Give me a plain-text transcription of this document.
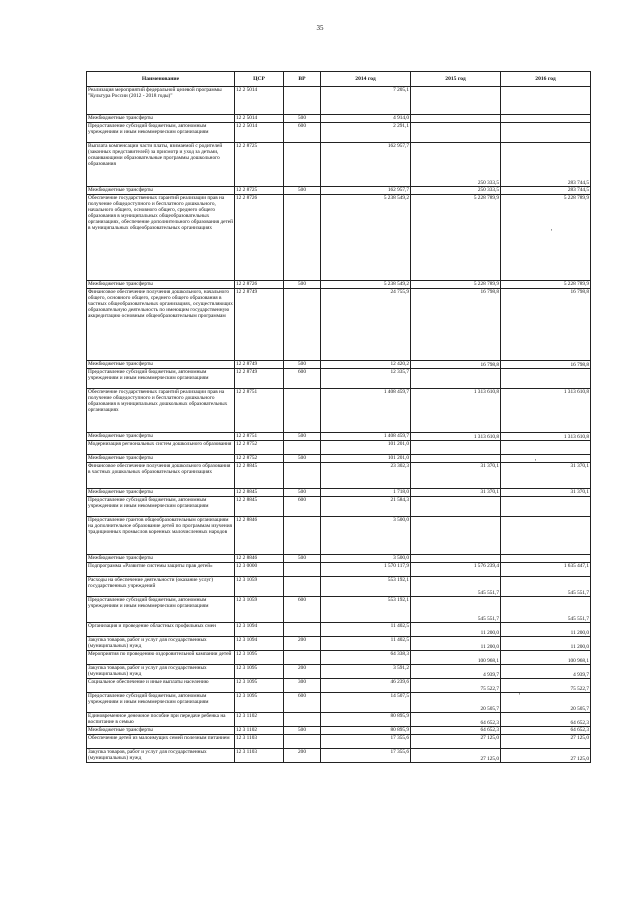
35
Наименование	ЦСР	ВР	2014 год	2015 год	2016 год
Реализация мероприятий федеральной целевой программы "Культура России (2012 - 2018 годы)"	12 2 5014		7 205,1		
Межбюджетные трансферты	12 2 5014	500	4 914,0		
Предоставление субсидий бюджетным, автономным учреждениям и иным некоммерческим организациям	12 2 5014	600	2 291,1		
Выплата компенсации части платы, взимаемой с родителей (законных представителей) за присмотр и уход за детьми, осваивающими образовательные программы дошкольного образования	12 2 8725		162 957,7	250 333,5	283 744,5
Межбюджетные трансферты	12 2 8725	500	162 957,7	250 333,5	283 744,5
Обеспечение государственных гарантий реализации прав на получение общедоступного и бесплатного дошкольного, начального общего, основного общего, среднего общего образования в муниципальных общеобразовательных организациях, обеспечение дополнительного образования детей в муниципальных общеобразовательных организациях	12 2 8726		5 238 549,2	5 228 789,9	5 228 789,9
Межбюджетные трансферты	12 2 8726	500	5 238 549,2	5 228 789,9	5 228 789,9
Финансовое обеспечение получения дошкольного, начального общего, основного общего, среднего общего образования в частных общеобразовательных организациях, осуществляющих образовательную деятельность по имеющим государственную аккредитацию основным общеобразовательным программам	12 2 8749		24 755,9	16 798,8	16 798,8
Межбюджетные трансферты	12 2 8749	500	12 420,2	16 798,8	16 798,8
Предоставление субсидий бюджетным, автономным учреждениям и иным некоммерческим организациям	12 2 8749	600	12 335,7		
Обеспечение государственных гарантий реализации прав на получение общедоступного и бесплатного дошкольного образования в муниципальных дошкольных образовательных организациях	12 2 8751		1 408 459,7	1 313 610,8	1 313 610,8
Межбюджетные трансферты	12 2 8751	500	1 408 459,7	1 313 610,8	1 313 610,8
Модернизация региональных систем дошкольного образования	12 2 8752		101 201,0		
Межбюджетные трансферты	12 2 8752	500	101 201,0		
Финансовое обеспечение получения дошкольного образования в частных дошкольных образовательных организациях	12 2 8845		23 302,3	31 370,1	31 370,1
Межбюджетные трансферты	12 2 8845	500	1 718,0	31 370,1	31 370,1
Предоставление субсидий бюджетным, автономным учреждениям и иным некоммерческим организациям	12 2 8845	600	21 584,3		
Предоставление грантов общеобразовательным организациям на дополнительное образование детей по программам изучения традиционных промыслов коренных малочисленных народов	12 2 8846		3 500,0		
Межбюджетные трансферты	12 2 8846	500	3 500,0		
Подпрограмма «Развитие системы защиты прав детей»	12 3 0000		1 570 117,9	1 576 239,4	1 635 447,1
Расходы на обеспечение деятельности (оказание услуг) государственных учреждений	12 3 1059		553 192,1	545 551,7	545 551,7
Предоставление субсидий бюджетным, автономным учреждениям и иным некоммерческим организациям	12 3 1059	600	553 192,1	545 551,7	545 551,7
Организация и проведение областных профильных смен	12 3 1094		11 402,5	11 200,0	11 200,0
Закупка товаров, работ и услуг для государственных (муниципальных) нужд	12 3 1094	200	11 402,5	11 200,0	11 200,0
Мероприятия по проведению оздоровительной кампании детей	12 3 1095		64 338,3	100 968,1	100 968,1
Закупка товаров, работ и услуг для государственных (муниципальных) нужд	12 3 1095	200	3 591,2	4 939,7	4 939,7
Социальное обеспечение и иные выплаты населению	12 3 1095	300	46 239,6	75 522,7	75 522,7
Предоставление субсидий бюджетным, автономным учреждениям и иным некоммерческим организациям	12 3 1095	600	14 507,5	20 505,7	20 505,7
Единовременное денежное пособие при передаче ребенка на воспитание в семью	12 3 1102		80 895,9	64 652,3	64 652,3
Межбюджетные трансферты	12 3 1102	500	80 895,9	64 652,3	64 652,3
Обеспечение детей из малоимущих семей полезным питанием	12 3 1103		17 355,6	27 125,0	27 125,0
Закупка товаров, работ и услуг для государственных (муниципальных) нужд	12 3 1103	200	17 355,6	27 125,0	27 125,0
ꞌ
ꞌ
ꞌ
